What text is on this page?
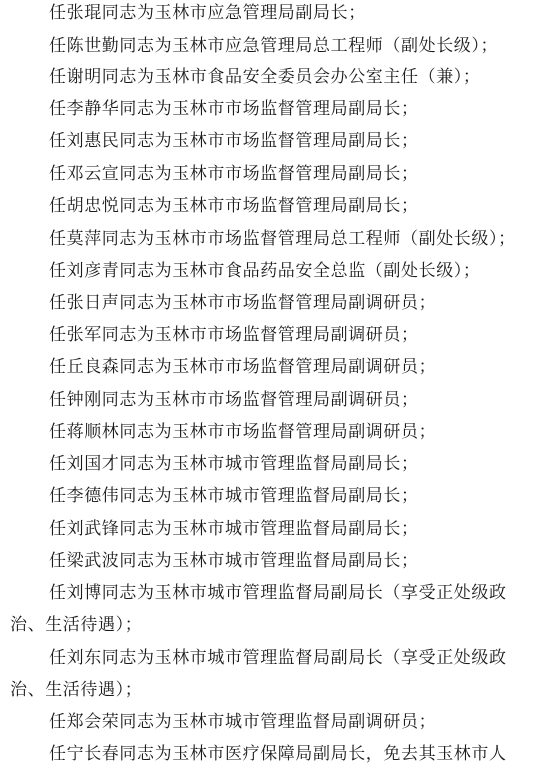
任张琨同志为玉林市应急管理局副局长；
任陈世勤同志为玉林市应急管理局总工程师（副处长级）；
任谢明同志为玉林市食品安全委员会办公室主任（兼）；
任李静华同志为玉林市市场监督管理局副局长；
任刘惠民同志为玉林市市场监督管理局副局长；
任邓云宣同志为玉林市市场监督管理局副局长；
任胡忠悦同志为玉林市市场监督管理局副局长；
任莫萍同志为玉林市市场监督管理局总工程师（副处长级）；
任刘彦青同志为玉林市食品药品安全总监（副处长级）；
任张日声同志为玉林市市场监督管理局副调研员；
任张军同志为玉林市市场监督管理局副调研员；
任丘良森同志为玉林市市场监督管理局副调研员；
任钟刚同志为玉林市市场监督管理局副调研员；
任蒋顺林同志为玉林市市场监督管理局副调研员；
任刘国才同志为玉林市城市管理监督局副局长；
任李德伟同志为玉林市城市管理监督局副局长；
任刘武锋同志为玉林市城市管理监督局副局长；
任梁武波同志为玉林市城市管理监督局副局长；
任刘博同志为玉林市城市管理监督局副局长（享受正处级政
治、生活待遇）；
任刘东同志为玉林市城市管理监督局副局长（享受正处级政
治、生活待遇）；
任郑会荣同志为玉林市城市管理监督局副调研员；
任宁长春同志为玉林市医疗保障局副局长，免去其玉林市人
